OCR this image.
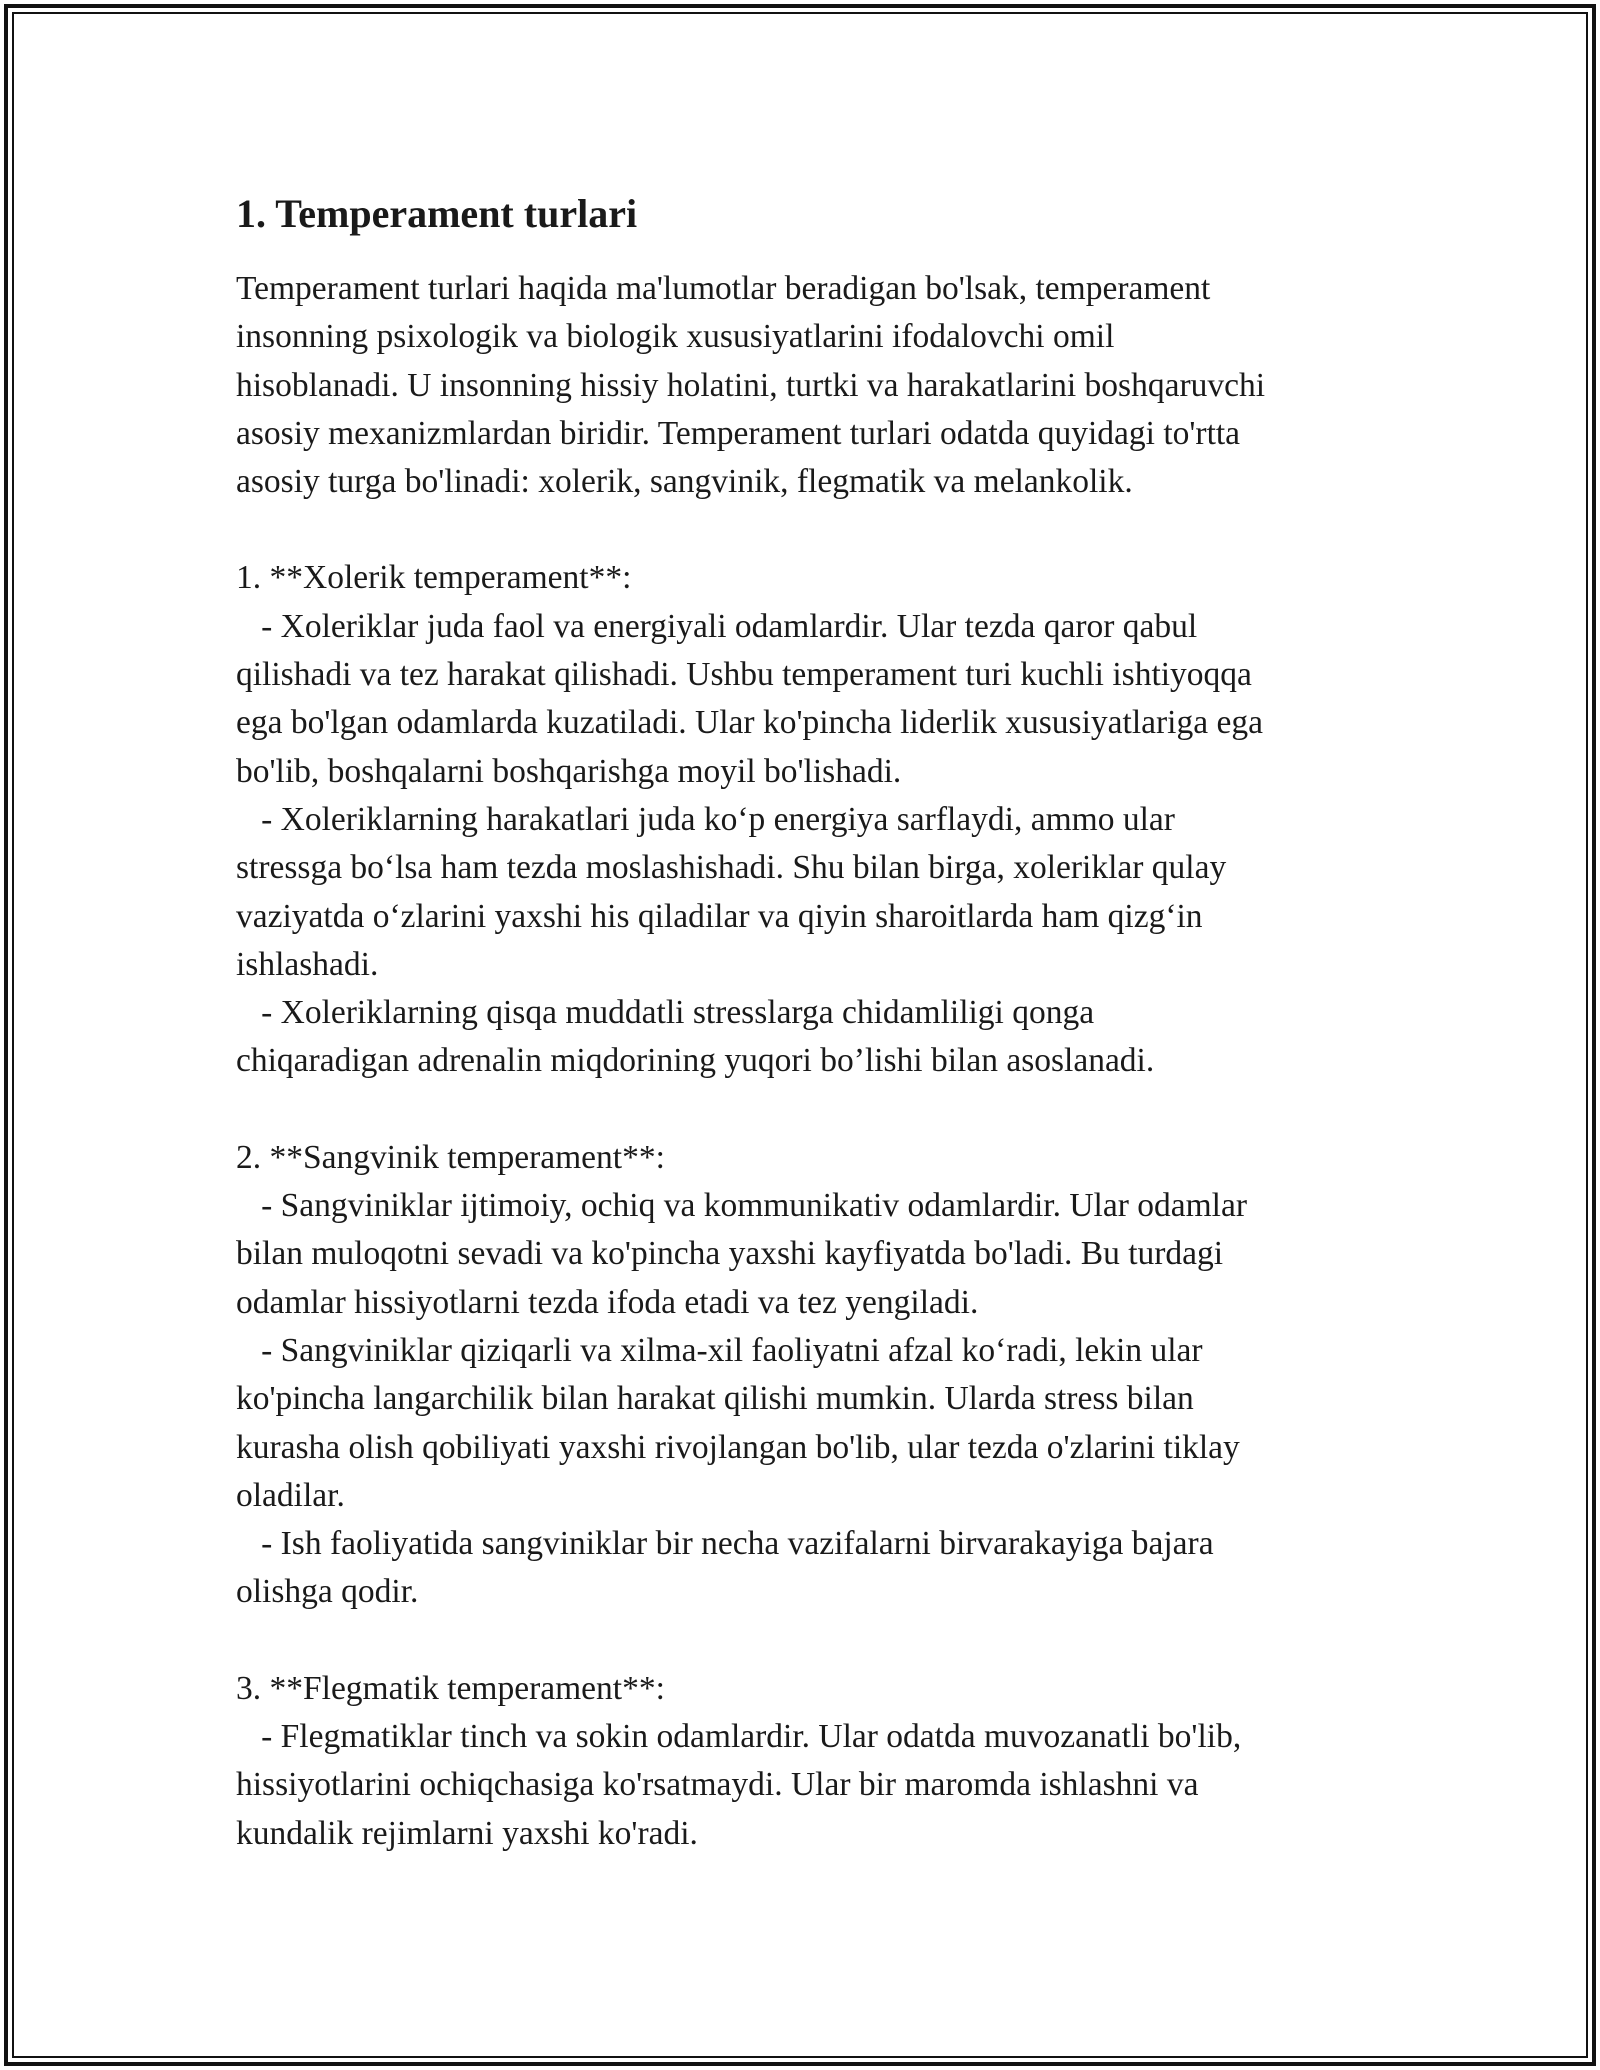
1. Temperament turlari

Temperament turlari haqida ma'lumotlar beradigan bo'lsak, temperament
insonning psixologik va biologik xususiyatlarini ifodalovchi omil
hisoblanadi. U insonning hissiy holatini, turtki va harakatlarini boshqaruvchi
asosiy mexanizmlardan biridir. Temperament turlari odatda quyidagi to'rtta
asosiy turga bo'linadi: xolerik, sangvinik, flegmatik va melankolik.

1. **Xolerik temperament**:
- Xoleriklar juda faol va energiyali odamlardir. Ular tezda qaror qabul
qilishadi va tez harakat qilishadi. Ushbu temperament turi kuchli ishtiyoqqa
ega bo'lgan odamlarda kuzatiladi. Ular ko'pincha liderlik xususiyatlariga ega
bo'lib, boshqalarni boshqarishga moyil bo'lishadi.
- Xoleriklarning harakatlari juda ko‘p energiya sarflaydi, ammo ular
stressga bo‘lsa ham tezda moslashishadi. Shu bilan birga, xoleriklar qulay
vaziyatda o‘zlarini yaxshi his qiladilar va qiyin sharoitlarda ham qizg‘in
ishlashadi.
- Xoleriklarning qisqa muddatli stresslarga chidamliligi qonga
chiqaradigan adrenalin miqdorining yuqori bo’lishi bilan asoslanadi.
2. **Sangvinik temperament**:
- Sangviniklar ijtimoiy, ochiq va kommunikativ odamlardir. Ular odamlar
bilan muloqotni sevadi va ko'pincha yaxshi kayfiyatda bo'ladi. Bu turdagi
odamlar hissiyotlarni tezda ifoda etadi va tez yengiladi.
- Sangviniklar qiziqarli va xilma-xil faoliyatni afzal ko‘radi, lekin ular
ko'pincha langarchilik bilan harakat qilishi mumkin. Ularda stress bilan
kurasha olish qobiliyati yaxshi rivojlangan bo'lib, ular tezda o'zlarini tiklay
oladilar.
- Ish faoliyatida sangviniklar bir necha vazifalarni birvarakayiga bajara
olishga qodir.
3. **Flegmatik temperament**:
- Flegmatiklar tinch va sokin odamlardir. Ular odatda muvozanatli bo'lib,
hissiyotlarini ochiqchasiga ko'rsatmaydi. Ular bir maromda ishlashni va
kundalik rejimlarni yaxshi ko'radi.
